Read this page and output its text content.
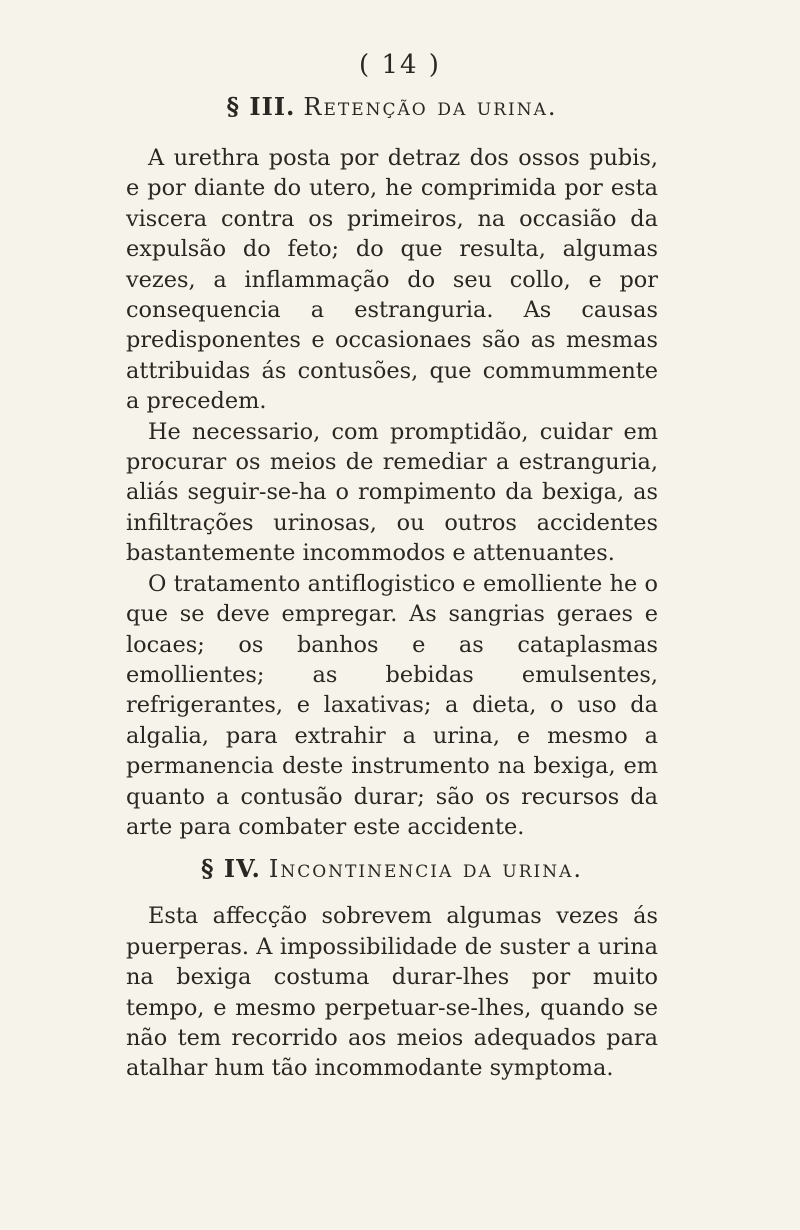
( 14 )
§ III. Retenção da urina.

A urethra posta por detraz dos ossos pubis, e por diante do utero, he comprimida por esta viscera contra os primeiros, na occasião da expulsão do feto; do que resulta, algumas vezes, a inflammação do seu collo, e por consequencia a estranguria. As causas predisponentes e occasionaes são as mesmas attribuidas ás contusões, que commummente a precedem.

He necessario, com promptidão, cuidar em procurar os meios de remediar a estranguria, aliás seguir-se-ha o rompimento da bexiga, as infiltrações urinosas, ou outros accidentes bastantemente incommodos e attenuantes.

O tratamento antiflogistico e emolliente he o que se deve empregar. As sangrias geraes e locaes; os banhos e as cataplasmas emollientes; as bebidas emulsentes, refrigerantes, e laxativas; a dieta, o uso da algalia, para extrahir a urina, e mesmo a permanencia deste instrumento na bexiga, em quanto a contusão durar; são os recursos da arte para combater este accidente.

§ IV. Incontinencia da urina.

Esta affecção sobrevem algumas vezes ás puerperas. A impossibilidade de suster a urina na bexiga costuma durar-lhes por muito tempo, e mesmo perpetuar-se-lhes, quando se não tem recorrido aos meios adequados para atalhar hum tão incommodante symptoma.
